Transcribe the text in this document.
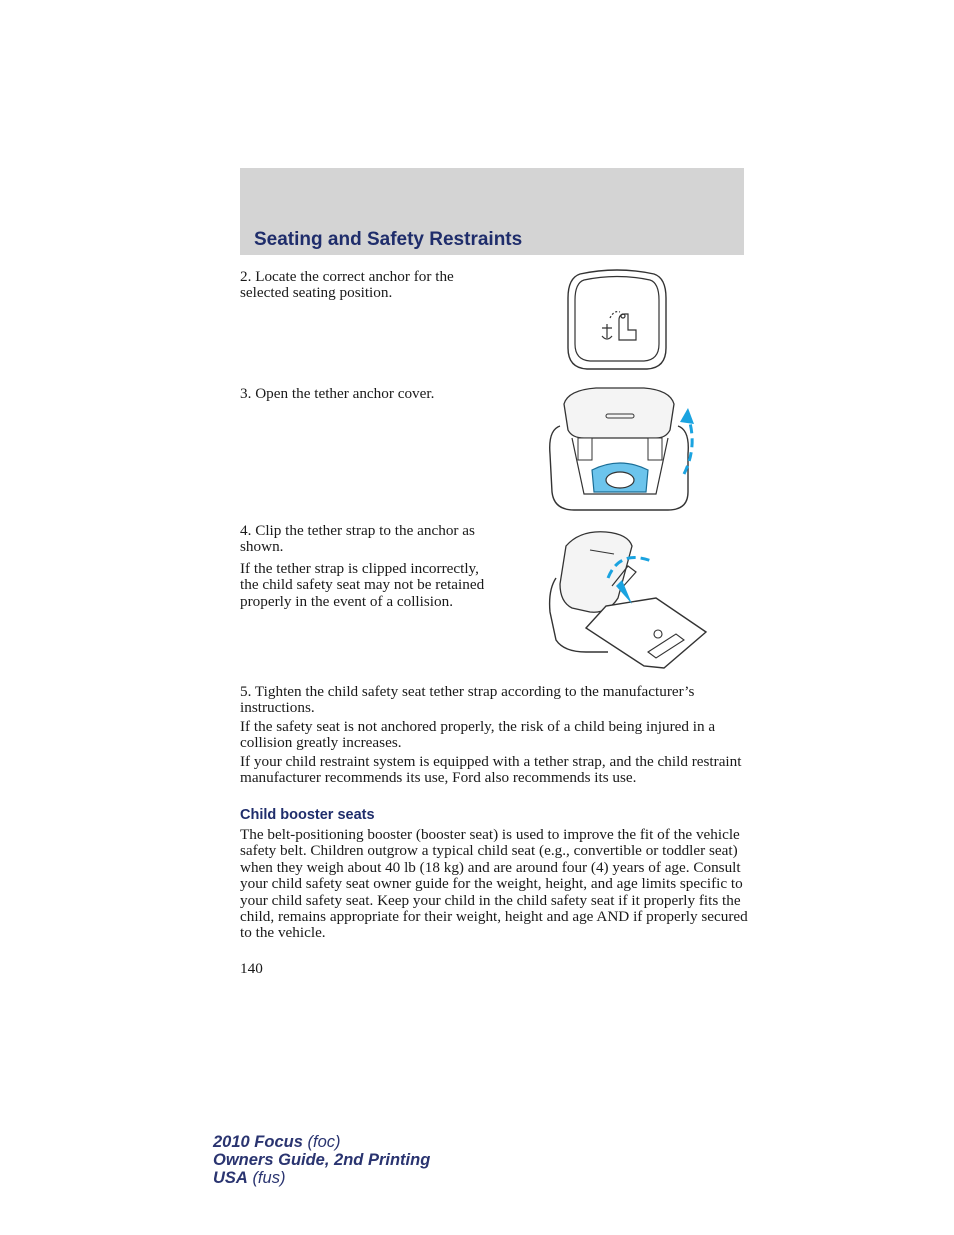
Seating and Safety Restraints

2. Locate the correct anchor for the selected seating position.

3. Open the tether anchor cover.

4. Clip the tether strap to the anchor as shown.

If the tether strap is clipped incorrectly, the child safety seat may not be retained properly in the event of a collision.

5. Tighten the child safety seat tether strap according to the manufacturer’s instructions.

If the safety seat is not anchored properly, the risk of a child being injured in a collision greatly increases.

If your child restraint system is equipped with a tether strap, and the child restraint manufacturer recommends its use, Ford also recommends its use.

Child booster seats

The belt-positioning booster (booster seat) is used to improve the fit of the vehicle safety belt. Children outgrow a typical child seat (e.g., convertible or toddler seat) when they weigh about 40 lb (18 kg) and are around four (4) years of age. Consult your child safety seat owner guide for the weight, height, and age limits specific to your child safety seat. Keep your child in the child safety seat if it properly fits the child, remains appropriate for their weight, height and age AND if properly secured to the vehicle.

140

2010 Focus (foc)
Owners Guide, 2nd Printing
USA (fus)
